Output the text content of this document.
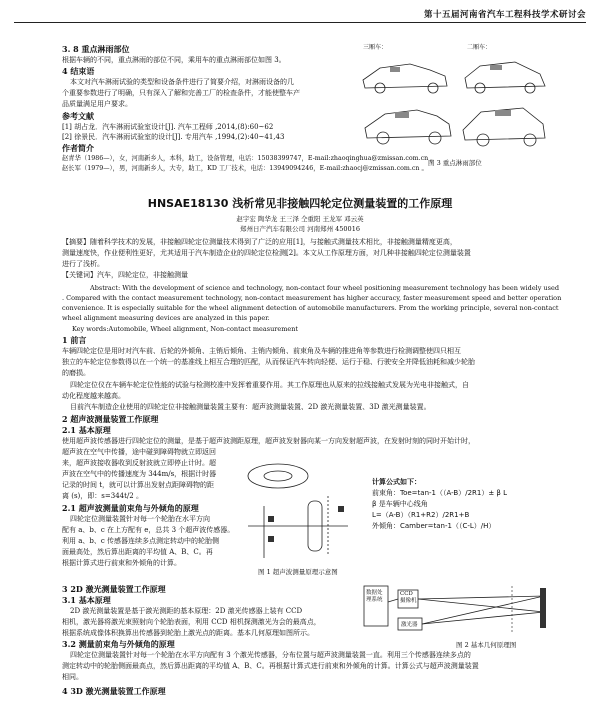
第十五届河南省汽车工程科技学术研讨会
3. 8 重点淋雨部位
根据车辆的不同，重点淋雨的部位不同，乘用车的重点淋雨部位如图 3。
4 结束语
本文对汽车淋雨试验的类型和设备条件进行了简要介绍，对淋雨设备的几
个重要参数进行了明确，只有深入了解和完善工厂的检查条件，才能使整车产
品质量满足用户要求。
参考文献
[1] 胡占龙．汽车淋雨试验室设计[J]. 汽车工程师 ,2014,(8):60~62
[2] 徐景民．汽车淋雨试验室的设计[J]. 专用汽车 ,1994,(2):40~41,43
作者简介
赵青华（1986—），女，河南新乡人，本科，助工，设备管理，电话：15038399747，E-mail:zhaoqinghua@zmissan.com.cn 。
赵长军（1979—），男，河南新乡人，大专，助工，KD 工厂技术，电话：13949094246，E-mail:zhaocj@zmissan.com.cn 。
三厢车：	二厢车：
图 3 重点淋雨部位
HNSAE18130 浅析常见非接触四轮定位测量装置的工作原理
赵宇宏 陶华龙 王三泽 仝重阳 王龙军 邓云英
郑州日产汽车有限公司 河南郑州 450016
【摘要】随着科学技术的发展，非接触四轮定位测量技术得到了广泛的应用[1]，与接触式测量技术相比，非接触测量精度更高，
测量速度快，作业便利性更好，尤其适用于汽车制造企业的四轮定位检测[2]。本文从工作原理方面，对几种非接触四轮定位测量装置
进行了浅析。
【关键词】汽车，四轮定位，非接触测量
Abstract: With the development of science and technology, non-contact four wheel positioning measurement technology has been widely used
. Compared with the contact measurement technology, non-contact measurement has higher accuracy, faster measurement speed and better operation
convenience. It is especially suitable for the wheel alignment detection of automobile manufacturers. From the working principle, several non-contact
wheel alignment measuring devices are analyzed in this paper.
Key words:Automobile, Wheel alignment, Non-contact measurement
1 前言
车辆四轮定位是用时对汽车前、后轮的外倾角、主销后倾角、主销内倾角、前束角及车辆的推进角等参数进行检测调整使四只相互
独立的车轮定位参数得以在一个统一的基准线上相互合理的匹配，从而保证汽车转向轻便、运行于稳、行驶安全并降低油耗和减少轮胎
的磨损。
四轮定位仪在车辆车轮定位性能的试验与检测校准中发挥着重要作用。其工作原理也从原来的拉线接触式发展为光电非接触式，自
动化程度越来越高。
目前汽车制造企业使用的四轮定位非接触测量装置主要有：超声波测量装置、2D 激光测量装置、3D 激光测量装置。
2 超声波测量装置工作原理
2.1 基本原理
使用超声波传感器进行四轮定位的测量，是基于超声波测距原理，超声波发射器向某一方向发射超声波，在发射时刻的同时开始计时，
超声波在空气中传播，途中碰到障碍物就立即返回
来，超声波接收器收到反射波就立即停止计时。超
声波在空气中的传播速度为 344m/s，根据计时器
记录的时间 t，就可以计算出发射点距障碍物的距
离 (s)，即：s=344t/2 。
2.1 超声波测量前束角与外倾角的原理
四轮定位测量装置针对每一个轮胎在水平方向
配有 a、b、c 在上方配有 e，总共 3 个超声波传感器。
利用 a、b、c 传感器连续多点测定转动中的轮胎侧
面最高处，然后算出距离的平均值 A、B、C。再
根据计算式进行前束和外倾角的计算。
图 1 超声波测量原理示意图
计算公式如下：
前束角：Toe=tan-1（（A-B）/2R1）± β L
β 是车辆中心线角
L=（A-B）（R1+R2）/2R1+B
外倾角：Camber=tan-1（（C-L）/H）
3 2D 激光测量装置工作原理
3.1 基本原理
2D 激光测量装置是基于激光测距的基本原理：2D 激光传感器上装有 CCD
相机，激光器将激光束照射向个轮胎表面，利用 CCD 相机探测激光为会的最高点，
根据系统成像体积换算出传感器到轮胎上激光点的距离。基本几何原理如图所示。
3.2 测量前束角与外倾角的原理
四轮定位测量装置针对每一个轮胎在水平方向配有 3 个激光传感器，分布位置与超声波测量装置一直。利用三个传感器连续多点的
测定转动中的轮胎侧面最高点，然后算出距离的平均值 A、B、C。再根据计算式进行前束和外倾角的计算。计算公式与超声波测量装置
相同。
4 3D 激光测量装置工作原理
数据处理系统
CCD 摄像机
激光器
图 2 基本几何原理图
